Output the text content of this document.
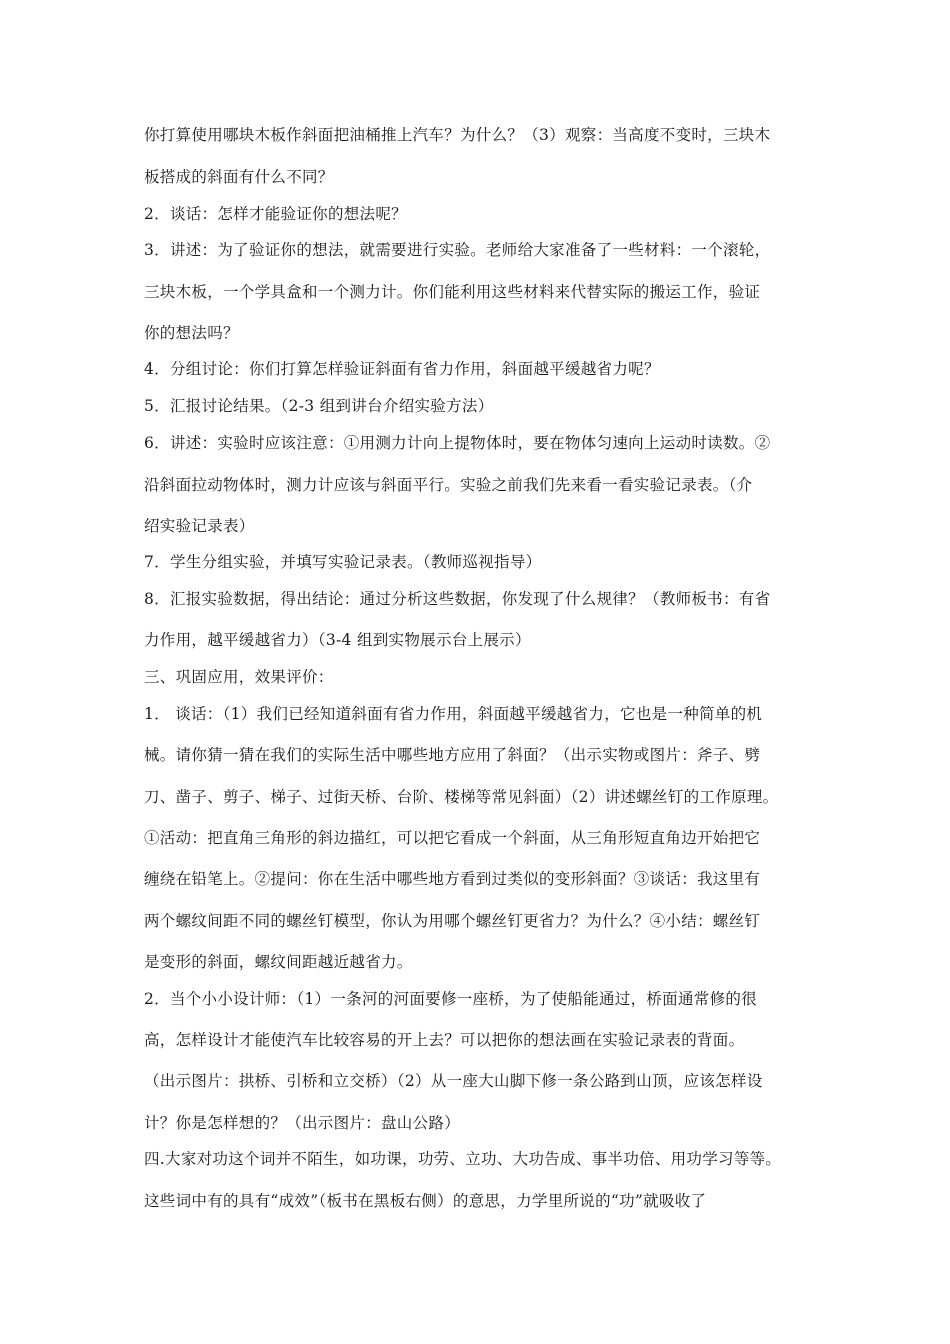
你打算使用哪块木板作斜面把油桶推上汽车？为什么？（3）观察：当高度不变时，三块木
板搭成的斜面有什么不同？
2．谈话：怎样才能验证你的想法呢？
3．讲述：为了验证你的想法，就需要进行实验。老师给大家准备了一些材料：一个滚轮，
三块木板，一个学具盒和一个测力计。你们能利用这些材料来代替实际的搬运工作，验证
你的想法吗？
4．分组讨论：你们打算怎样验证斜面有省力作用，斜面越平缓越省力呢？
5．汇报讨论结果。（2-3 组到讲台介绍实验方法）
6．讲述：实验时应该注意：①用测力计向上提物体时，要在物体匀速向上运动时读数。②
沿斜面拉动物体时，测力计应该与斜面平行。实验之前我们先来看一看实验记录表。（介
绍实验记录表）
7．学生分组实验，并填写实验记录表。（教师巡视指导）
8．汇报实验数据，得出结论：通过分析这些数据，你发现了什么规律？（教师板书：有省
力作用，越平缓越省力）（3-4 组到实物展示台上展示）
三、巩固应用，效果评价：
1． 谈话：（1）我们已经知道斜面有省力作用，斜面越平缓越省力，它也是一种简单的机
械。请你猜一猜在我们的实际生活中哪些地方应用了斜面？（出示实物或图片：斧子、劈
刀、凿子、剪子、梯子、过街天桥、台阶、楼梯等常见斜面）（2）讲述螺丝钉的工作原理。
①活动：把直角三角形的斜边描红，可以把它看成一个斜面，从三角形短直角边开始把它
缠绕在铅笔上。②提问：你在生活中哪些地方看到过类似的变形斜面？③谈话：我这里有
两个螺纹间距不同的螺丝钉模型，你认为用哪个螺丝钉更省力？为什么？④小结：螺丝钉
是变形的斜面，螺纹间距越近越省力。
2．当个小小设计师：（1）一条河的河面要修一座桥，为了使船能通过，桥面通常修的很
高，怎样设计才能使汽车比较容易的开上去？可以把你的想法画在实验记录表的背面。
（出示图片：拱桥、引桥和立交桥）（2）从一座大山脚下修一条公路到山顶，应该怎样设
计？你是怎样想的？（出示图片：盘山公路）
四.大家对功这个词并不陌生，如功课，功劳、立功、大功告成、事半功倍、用功学习等等。
这些词中有的具有“成效”（板书在黑板右侧）的意思，力学里所说的“功”就吸收了
